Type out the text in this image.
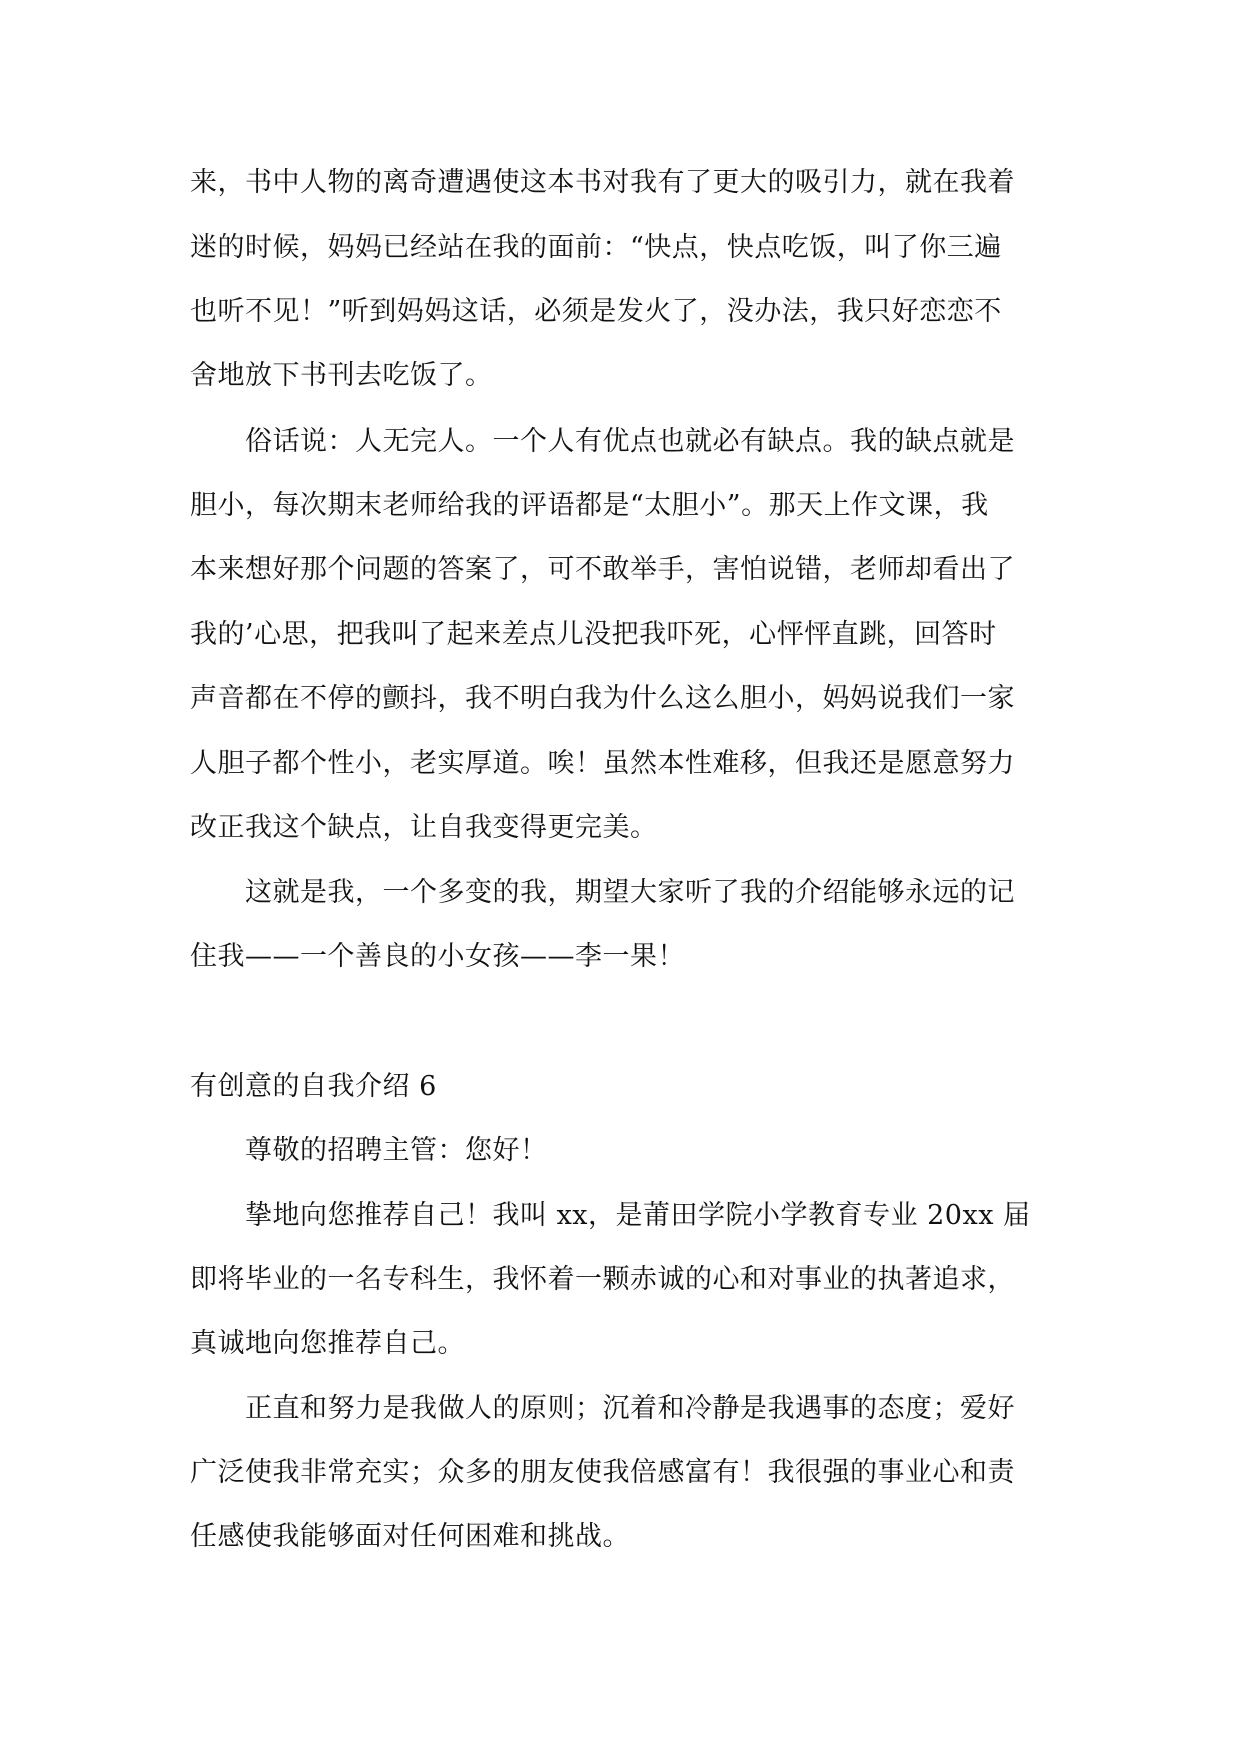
来，书中人物的离奇遭遇使这本书对我有了更大的吸引力，就在我着
迷的时候，妈妈已经站在我的面前：“快点，快点吃饭，叫了你三遍
也听不见！”听到妈妈这话，必须是发火了，没办法，我只好恋恋不
舍地放下书刊去吃饭了。
俗话说：人无完人。一个人有优点也就必有缺点。我的缺点就是
胆小，每次期末老师给我的评语都是“太胆小”。那天上作文课，我
本来想好那个问题的答案了，可不敢举手，害怕说错，老师却看出了
我的’心思，把我叫了起来差点儿没把我吓死，心怦怦直跳，回答时
声音都在不停的颤抖，我不明白我为什么这么胆小，妈妈说我们一家
人胆子都个性小，老实厚道。唉！虽然本性难移，但我还是愿意努力
改正我这个缺点，让自我变得更完美。
这就是我，一个多变的我，期望大家听了我的介绍能够永远的记
住我——一个善良的小女孩——李一果！
有创意的自我介绍 6
尊敬的招聘主管：您好！
挚地向您推荐自己！我叫 xx，是莆田学院小学教育专业 20xx 届
即将毕业的一名专科生，我怀着一颗赤诚的心和对事业的执著追求，
真诚地向您推荐自己。
正直和努力是我做人的原则；沉着和冷静是我遇事的态度；爱好
广泛使我非常充实；众多的朋友使我倍感富有！我很强的事业心和责
任感使我能够面对任何困难和挑战。
